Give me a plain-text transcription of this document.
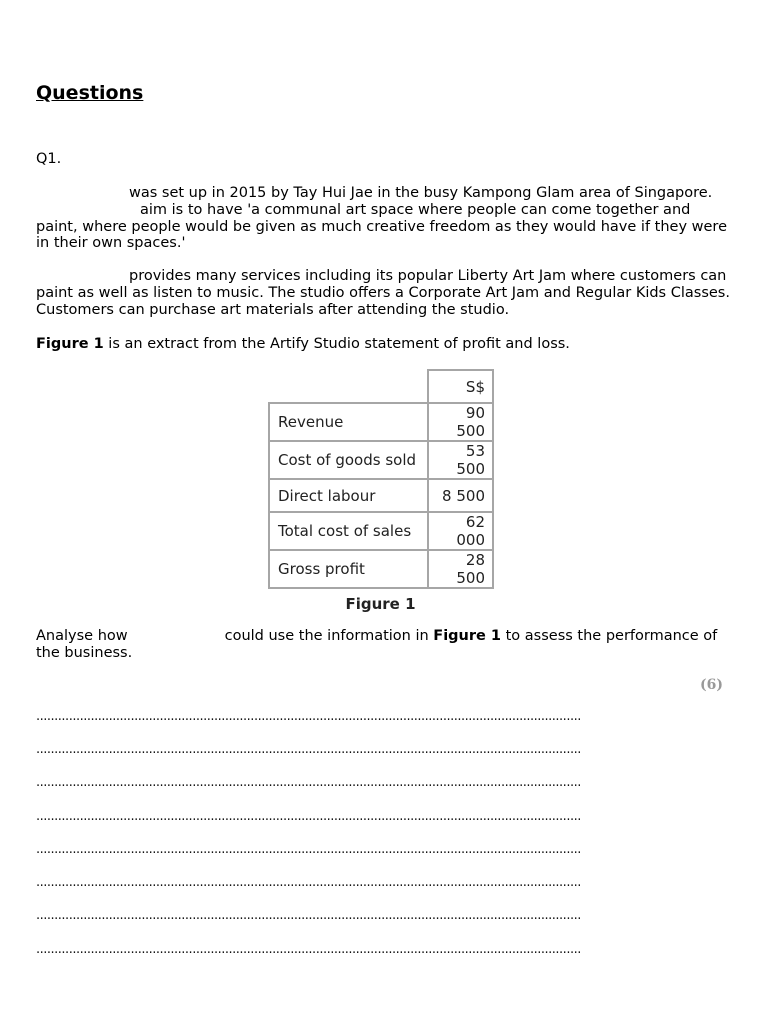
Questions
Q1.

was set up in 2015 by Tay Hui Jae in the busy Kampong Glam area of Singapore.
aim is to have 'a communal art space where people can come together and paint, where people would be given as much creative freedom as they would have if they were in their own spaces.'

provides many services including its popular Liberty Art Jam where customers can paint as well as listen to music. The studio offers a Corporate Art Jam and Regular Kids Classes. Customers can purchase art materials after attending the studio.

Figure 1 is an extract from the Artify Studio statement of profit and loss.

	S$
Revenue	90 500
Cost of goods sold	53 500
Direct labour	8 500
Total cost of sales	62 000
Gross profit	28 500
Figure 1

Analyse how	could use the information in Figure 1 to assess the performance of the business.

(6)
......................................................................................................................................................
......................................................................................................................................................
......................................................................................................................................................
......................................................................................................................................................
......................................................................................................................................................
......................................................................................................................................................
......................................................................................................................................................
......................................................................................................................................................
